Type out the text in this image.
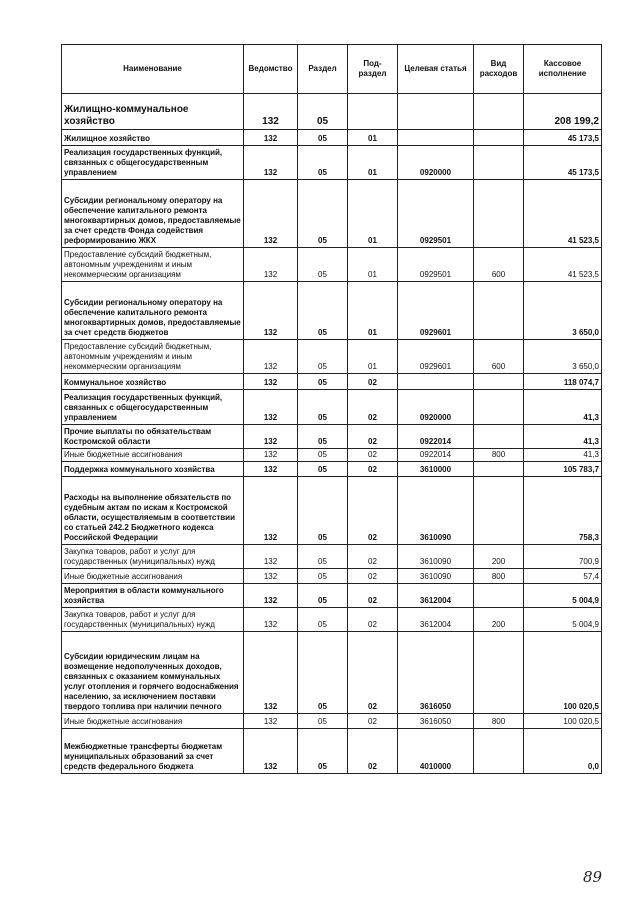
Наименование	Ведомство	Раздел	Под-раздел	Целевая статья	Вид расходов	Кассовое исполнение
Жилищно-коммунальное хозяйство	132	05				208 199,2
Жилищное хозяйство	132	05	01			45 173,5
Реализация государственных функций, связанных с общегосударственным управлением	132	05	01	0920000		45 173,5
Субсидии региональному оператору на обеспечение капитального ремонта многоквартирных домов, предоставляемые за счет средств Фонда содействия реформированию ЖКХ	132	05	01	0929501		41 523,5
Предоставление субсидий бюджетным, автономным учреждениям и иным некоммерческим организациям	132	05	01	0929501	600	41 523,5
Субсидии региональному оператору на обеспечение капитального ремонта многоквартирных домов, предоставляемые за счет средств бюджетов	132	05	01	0929601		3 650,0
Предоставление субсидий бюджетным, автономным учреждениям и иным некоммерческим организациям	132	05	01	0929601	600	3 650,0
Коммунальное хозяйство	132	05	02			118 074,7
Реализация государственных функций, связанных с общегосударственным управлением	132	05	02	0920000		41,3
Прочие выплаты по обязательствам Костромской области	132	05	02	0922014		41,3
Иные бюджетные ассигнования	132	05	02	0922014	800	41,3
Поддержка коммунального хозяйства	132	05	02	3610000		105 783,7
Расходы на выполнение обязательств по судебным актам по искам к Костромской области, осуществляемым в соответствии со статьей 242.2 Бюджетного кодекса Российской Федерации	132	05	02	3610090		758,3
Закупка товаров, работ и услуг для государственных (муниципальных) нужд	132	05	02	3610090	200	700,9
Иные бюджетные ассигнования	132	05	02	3610090	800	57,4
Мероприятия в области коммунального хозяйства	132	05	02	3612004		5 004,9
Закупка товаров, работ и услуг для государственных (муниципальных) нужд	132	05	02	3612004	200	5 004,9
Субсидии юридическим лицам на возмещение недополученных доходов, связанных с оказанием коммунальных услуг отопления и горячего водоснабжения населению, за исключением поставки твердого топлива при наличии печного	132	05	02	3616050		100 020,5
Иные бюджетные ассигнования	132	05	02	3616050	800	100 020,5
Межбюджетные трансферты бюджетам муниципальных образований за счет средств федерального бюджета	132	05	02	4010000		0,0
89
